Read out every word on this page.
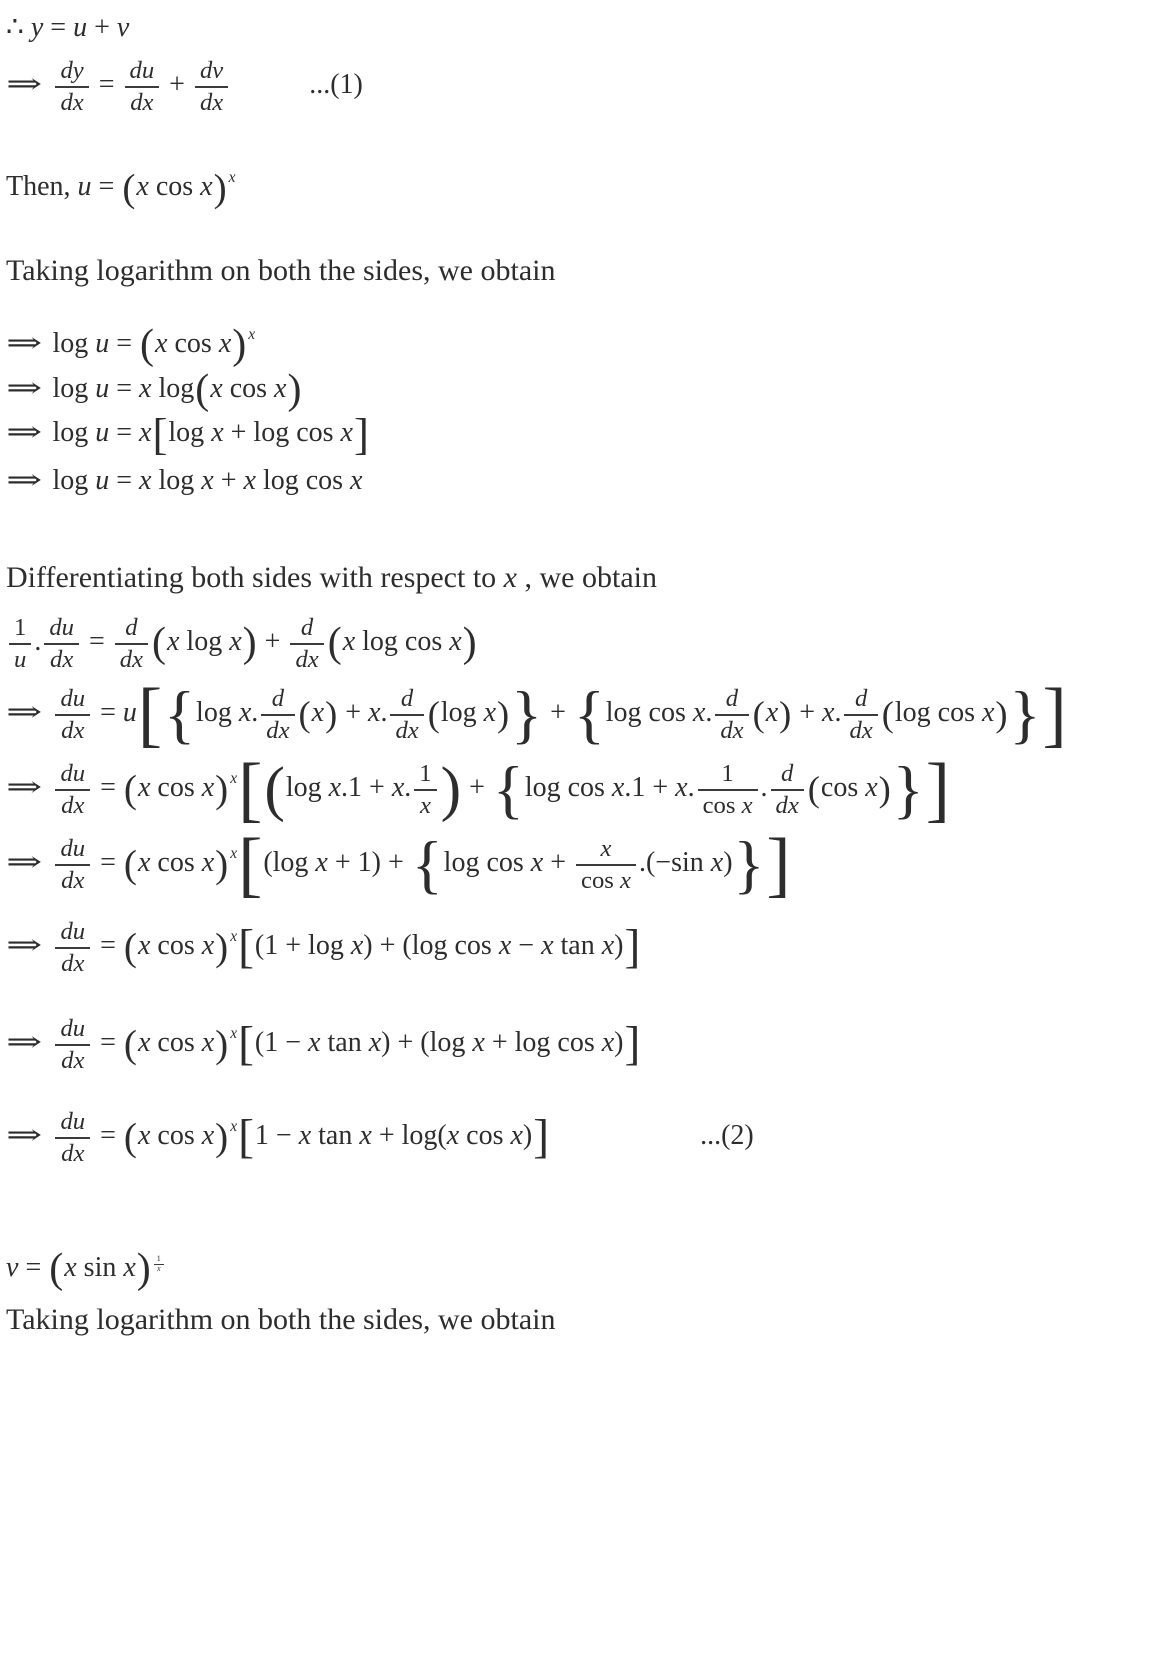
∴ y = u + v
⇒ $\frac{dy}{dx} = \frac{du}{dx} + \frac{dv}{dx}$	...(1)
Then, u = (x cos x) $^x$
Taking logarithm on both the sides, we obtain
⇒ log u = (x cos x) $^x$
⇒ log u = x log(x cos x)
⇒ log u = x[log x + log cos x]
⇒ log u = x log x + x log cos x
Differentiating both sides with respect to x , we obtain
$\frac{1}{u}$ . $\frac{du}{dx} = \frac{d}{dx} (x$ $\log x) + \frac{d}{dx} (x$ log cos x)
⇒ $\frac{du}{dx} = u[\{\log$ x. $\frac{d}{dx} (x) + x$. $\frac{d}{dx} (\log$ x)} + {log cos x. $\frac{d}{dx} (x) + x$. $\frac{d}{dx} (\log$ cos x)}]
⇒ $\frac{du}{dx} = (x$ cos x) $^x$[(log x.1 + x. $\frac{1}{x}$ ) + {log cos x.1 + x. $\frac{1}{\text{cos x}}$ . $\frac{d}{dx} (\cos$ x)}]
⇒ $\frac{du}{dx} = (x$ cos x) $^x$[(log x + 1) + {log $\cos x + \frac{x}{\text{cos x}} .(-\sin$ x)}]
⇒ $\frac{du}{dx} = (x$ cos x) $^x$[(1 + log x) + (log cos x − x tan x)]
⇒ $\frac{du}{dx} = (x$ cos x) $^x$[(1 − x tan x) + (log x + log cos x)]
⇒ $\frac{du}{dx} = (x$ cos x) $^x$[1 − x tan x + log(x cos x)]	...(2)
v = (x sin x) $^{\frac{1}{x}}$
Taking logarithm on both the sides, we obtain
